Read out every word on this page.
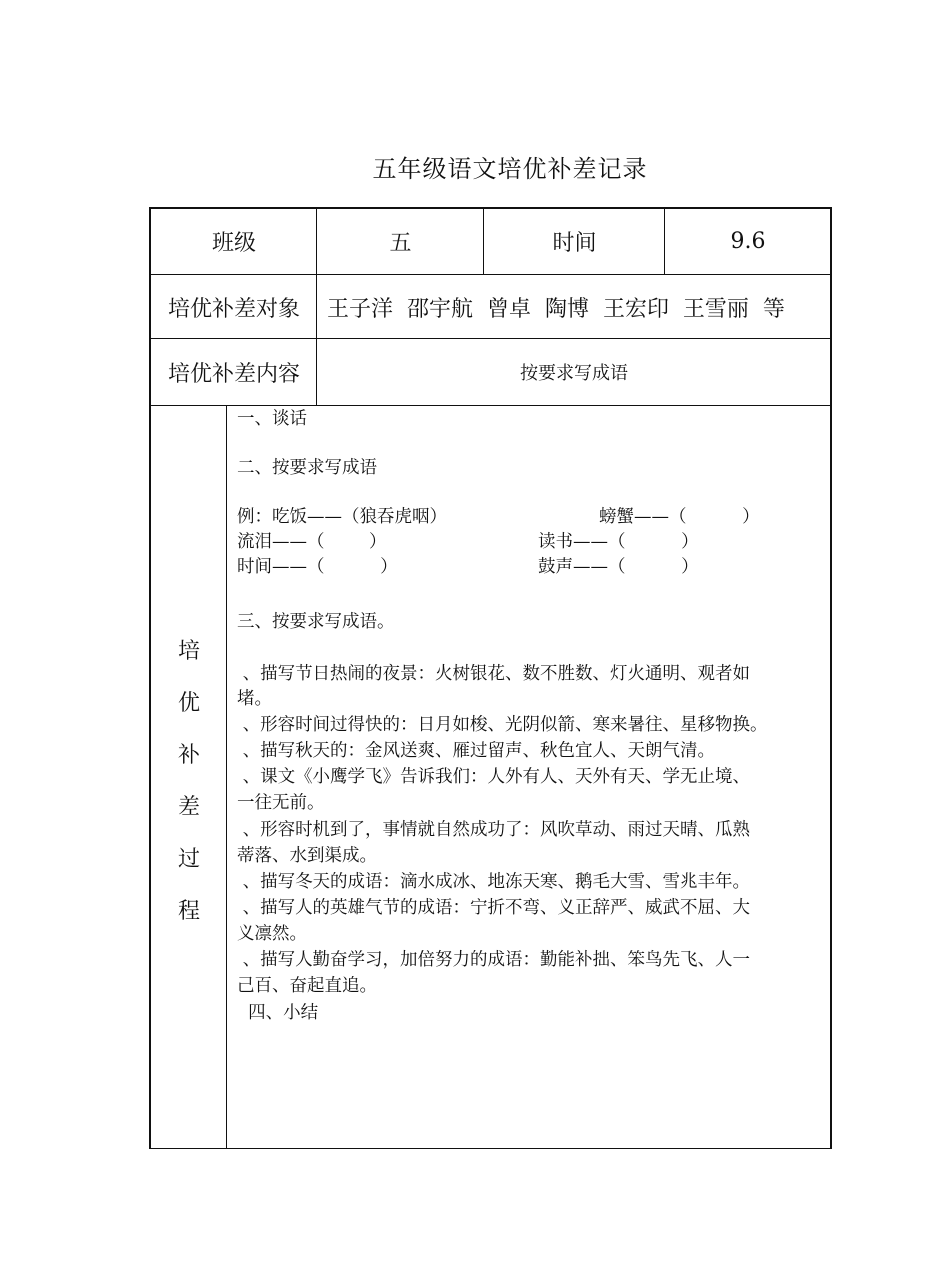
五年级语文培优补差记录
班级	五	时间	9.6
培优补差对象	王子洋  邵宇航  曾卓  陶博  王宏印  王雪丽  等
培优补差内容	按要求写成语
培
优
补
差
过
程
一、谈话
二、按要求写成语
例：吃饭——（狼吞虎咽）	螃蟹——（          ）
流泪——（        ）	读书——（          ）
时间——（          ）	鼓声——（          ）
三、按要求写成语。
、描写节日热闹的夜景：火树银花、数不胜数、灯火通明、观者如
堵。
、形容时间过得快的：日月如梭、光阴似箭、寒来暑往、星移物换。
、描写秋天的：金风送爽、雁过留声、秋色宜人、天朗气清。
、课文《小鹰学飞》告诉我们：人外有人、天外有天、学无止境、
一往无前。
、形容时机到了，事情就自然成功了：风吹草动、雨过天晴、瓜熟
蒂落、水到渠成。
、描写冬天的成语：滴水成冰、地冻天寒、鹅毛大雪、雪兆丰年。
、描写人的英雄气节的成语：宁折不弯、义正辞严、威武不屈、大
义凛然。
、描写人勤奋学习，加倍努力的成语：勤能补拙、笨鸟先飞、人一
己百、奋起直追。
四、小结
